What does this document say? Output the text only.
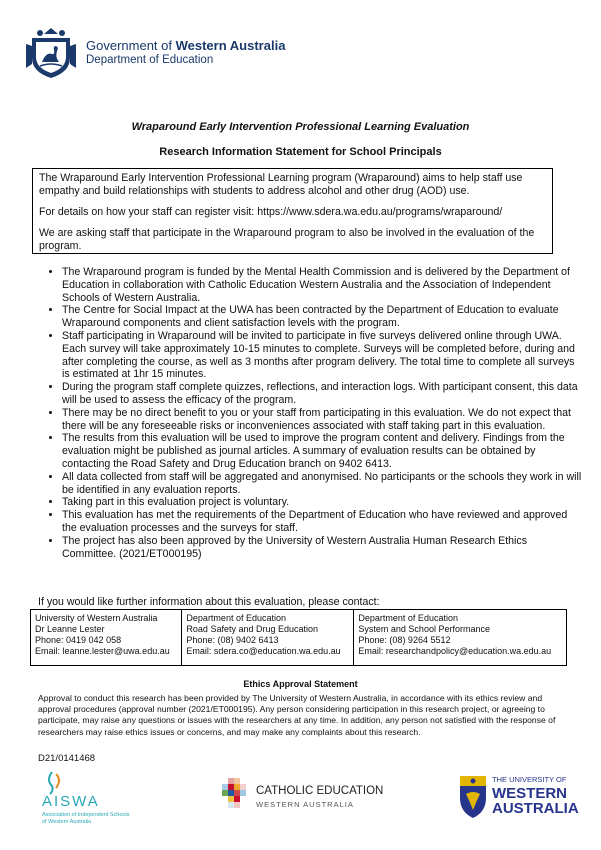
Government of Western Australia
Department of Education
Wraparound Early Intervention Professional Learning Evaluation
Research Information Statement for School Principals

The Wraparound Early Intervention Professional Learning program (Wraparound) aims to help staff use empathy and build relationships with students to address alcohol and other drug (AOD) use.

For details on how your staff can register visit: https://www.sdera.wa.edu.au/programs/wraparound/

We are asking staff that participate in the Wraparound program to also be involved in the evaluation of the program.

• The Wraparound program is funded by the Mental Health Commission and is delivered by the Department of Education in collaboration with Catholic Education Western Australia and the Association of Independent Schools of Western Australia.
• The Centre for Social Impact at the UWA has been contracted by the Department of Education to evaluate Wraparound components and client satisfaction levels with the program.
• Staff participating in Wraparound will be invited to participate in five surveys delivered online through UWA. Each survey will take approximately 10-15 minutes to complete. Surveys will be completed before, during and after completing the course, as well as 3 months after program delivery. The total time to complete all surveys is estimated at 1hr 15 minutes.
• During the program staff complete quizzes, reflections, and interaction logs. With participant consent, this data will be used to assess the efficacy of the program.
• There may be no direct benefit to you or your staff from participating in this evaluation. We do not expect that there will be any foreseeable risks or inconveniences associated with staff taking part in this evaluation.
• The results from this evaluation will be used to improve the program content and delivery. Findings from the evaluation might be published as journal articles. A summary of evaluation results can be obtained by contacting the Road Safety and Drug Education branch on 9402 6413.
• All data collected from staff will be aggregated and anonymised. No participants or the schools they work in will be identified in any evaluation reports.
• Taking part in this evaluation project is voluntary.
• This evaluation has met the requirements of the Department of Education who have reviewed and approved the evaluation processes and the surveys for staff.
• The project has also been approved by the University of Western Australia Human Research Ethics Committee. (2021/ET000195)
If you would like further information about this evaluation, please contact:
University of Western Australia
Dr Leanne Lester
Phone: 0419 042 058
Email: leanne.lester@uwa.edu.au

Department of Education
Road Safety and Drug Education
Phone: (08) 9402 6413
Email: sdera.co@education.wa.edu.au

Department of Education
System and School Performance
Phone: (08) 9264 5512
Email: researchandpolicy@education.wa.edu.au
Ethics Approval Statement
Approval to conduct this research has been provided by The University of Western Australia, in accordance with its ethics review and approval procedures (approval number (2021/ET000195). Any person considering participation in this research project, or agreeing to participate, may raise any questions or issues with the researchers at any time. In addition, any person not satisfied with the response of researchers may raise ethics issues or concerns, and may make any complaints about this research.
D21/0141468
AISWA
Association of Independent Schools
of Western Australia
CATHOLIC EDUCATION
WESTERN AUSTRALIA
THE UNIVERSITY OF
WESTERN
AUSTRALIA
